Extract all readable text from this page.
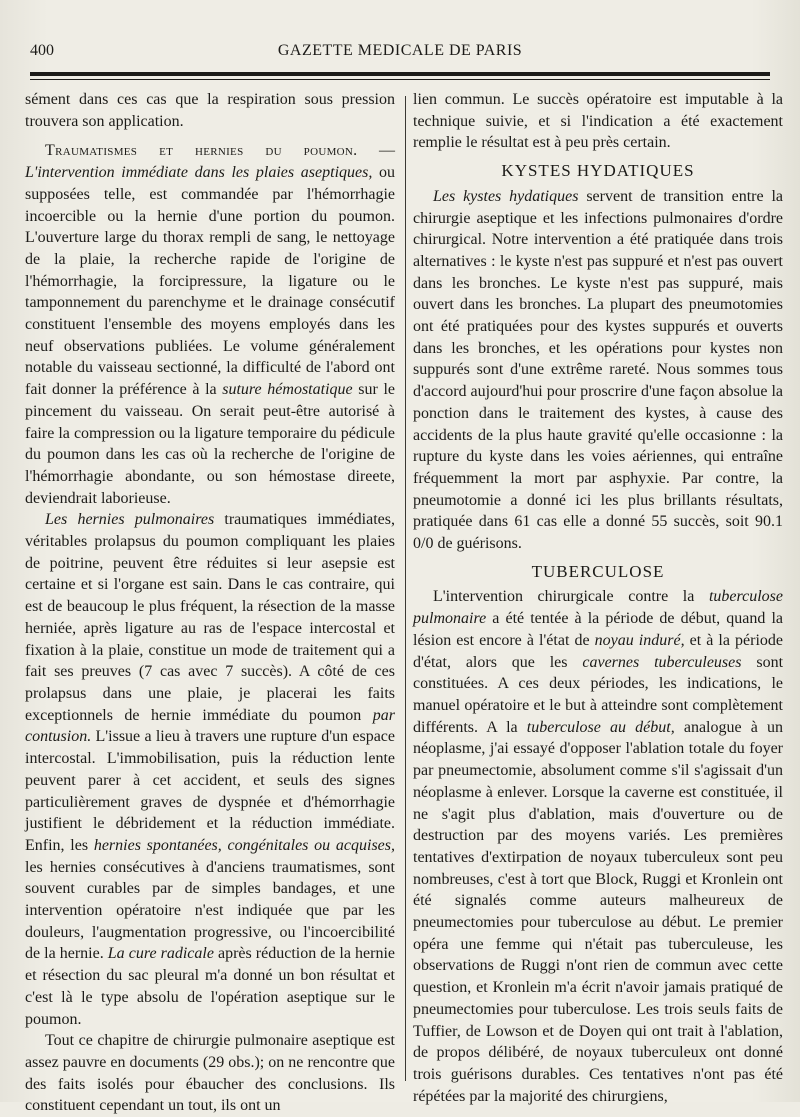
400	GAZETTE MEDICALE DE PARIS

sément dans ces cas que la respiration sous pression trouvera son application.

Traumatismes et hernies du poumon. — L'intervention immédiate dans les plaies aseptiques, ou supposées telle, est commandée par l'hémorrhagie incoercible ou la hernie d'une portion du poumon. L'ouverture large du thorax rempli de sang, le nettoyage de la plaie, la recherche rapide de l'origine de l'hémorrhagie, la forcipressure, la ligature ou le tamponnement du parenchyme et le drainage consécutif constituent l'ensemble des moyens employés dans les neuf observations publiées. Le volume généralement notable du vaisseau sectionné, la difficulté de l'abord ont fait donner la préférence à la suture hémostatique sur le pincement du vaisseau. On serait peut-être autorisé à faire la compression ou la ligature temporaire du pédicule du poumon dans les cas où la recherche de l'origine de l'hémorrhagie abondante, ou son hémostase direete, deviendrait laborieuse.

Les hernies pulmonaires traumatiques immédiates, véritables prolapsus du poumon compliquant les plaies de poitrine, peuvent être réduites si leur asepsie est certaine et si l'organe est sain. Dans le cas contraire, qui est de beaucoup le plus fréquent, la résection de la masse herniée, après ligature au ras de l'espace intercostal et fixation à la plaie, constitue un mode de traitement qui a fait ses preuves (7 cas avec 7 succès). A côté de ces prolapsus dans une plaie, je placerai les faits exceptionnels de hernie immédiate du poumon par contusion. L'issue a lieu à travers une rupture d'un espace intercostal. L'immobilisation, puis la réduction lente peuvent parer à cet accident, et seuls des signes particulièrement graves de dyspnée et d'hémorrhagie justifient le débridement et la réduction immédiate. Enfin, les hernies spontanées, congénitales ou acquises, les hernies consécutives à d'anciens traumatismes, sont souvent curables par de simples bandages, et une intervention opératoire n'est indiquée que par les douleurs, l'augmentation progressive, ou l'incoercibilité de la hernie. La cure radicale après réduction de la hernie et résection du sac pleural m'a donné un bon résultat et c'est là le type absolu de l'opération aseptique sur le poumon.

Tout ce chapitre de chirurgie pulmonaire aseptique est assez pauvre en documents (29 obs.); on ne rencontre que des faits isolés pour ébaucher des conclusions. Ils constituent cependant un tout, ils ont un

lien commun. Le succès opératoire est imputable à la technique suivie, et si l'indication a été exactement remplie le résultat est à peu près certain.

KYSTES HYDATIQUES

Les kystes hydatiques servent de transition entre la chirurgie aseptique et les infections pulmonaires d'ordre chirurgical. Notre intervention a été pratiquée dans trois alternatives : le kyste n'est pas suppuré et n'est pas ouvert dans les bronches. Le kyste n'est pas suppuré, mais ouvert dans les bronches. La plupart des pneumotomies ont été pratiquées pour des kystes suppurés et ouverts dans les bronches, et les opérations pour kystes non suppurés sont d'une extrême rareté. Nous sommes tous d'accord aujourd'hui pour proscrire d'une façon absolue la ponction dans le traitement des kystes, à cause des accidents de la plus haute gravité qu'elle occasionne : la rupture du kyste dans les voies aériennes, qui entraîne fréquemment la mort par asphyxie. Par contre, la pneumotomie a donné ici les plus brillants résultats, pratiquée dans 61 cas elle a donné 55 succès, soit 90.1 0/0 de guérisons.

TUBERCULOSE

L'intervention chirurgicale contre la tuberculose pulmonaire a été tentée à la période de début, quand la lésion est encore à l'état de noyau induré, et à la période d'état, alors que les cavernes tuberculeuses sont constituées. A ces deux périodes, les indications, le manuel opératoire et le but à atteindre sont complètement différents. A la tuberculose au début, analogue à un néoplasme, j'ai essayé d'opposer l'ablation totale du foyer par pneumectomie, absolument comme s'il s'agissait d'un néoplasme à enlever. Lorsque la caverne est constituée, il ne s'agit plus d'ablation, mais d'ouverture ou de destruction par des moyens variés. Les premières tentatives d'extirpation de noyaux tuberculeux sont peu nombreuses, c'est à tort que Block, Ruggi et Kronlein ont été signalés comme auteurs malheureux de pneumectomies pour tuberculose au début. Le premier opéra une femme qui n'était pas tuberculeuse, les observations de Ruggi n'ont rien de commun avec cette question, et Kronlein m'a écrit n'avoir jamais pratiqué de pneumectomies pour tuberculose. Les trois seuls faits de Tuffier, de Lowson et de Doyen qui ont trait à l'ablation, de propos délibéré, de noyaux tuberculeux ont donné trois guérisons durables. Ces tentatives n'ont pas été répétées par la majorité des chirurgiens,
